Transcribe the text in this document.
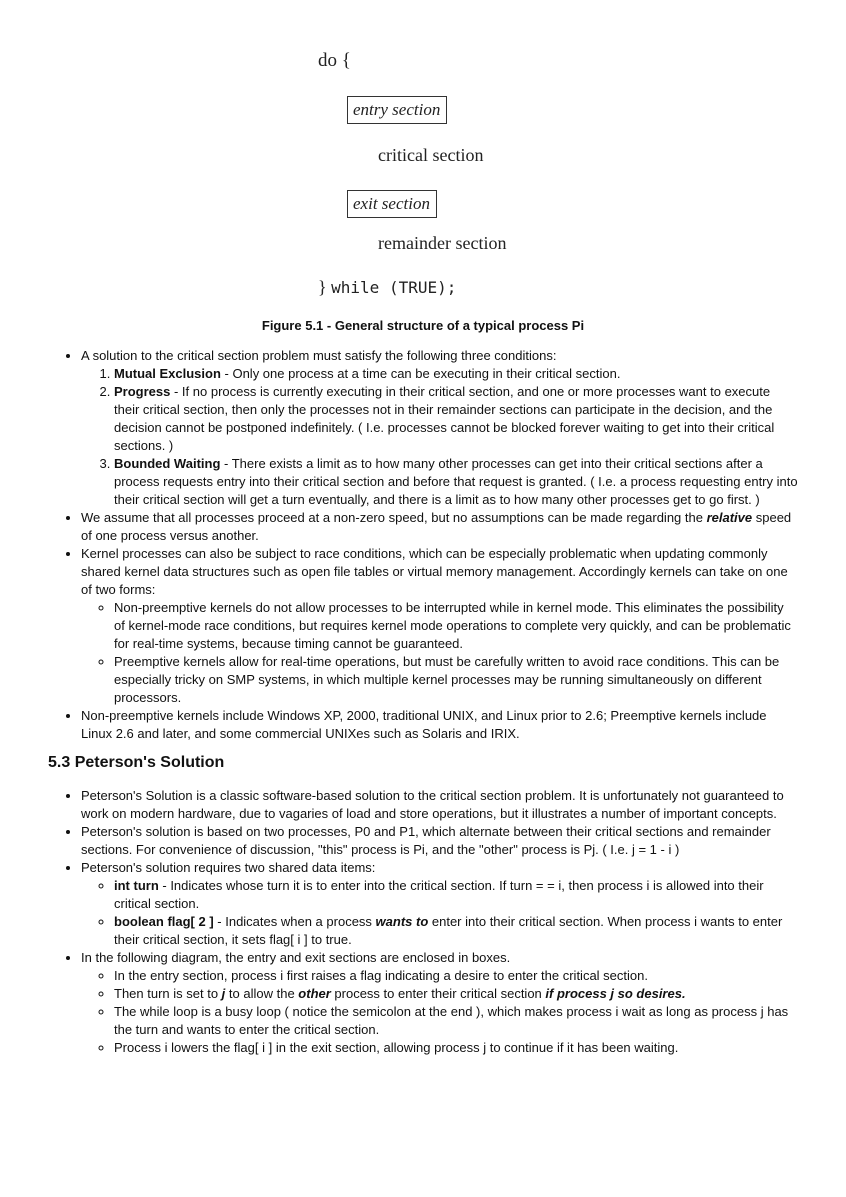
do {
entry section
critical section
exit section
remainder section
} while (TRUE);
Figure 5.1 - General structure of a typical process Pi
• A solution to the critical section problem must satisfy the following three conditions:
1. Mutual Exclusion - Only one process at a time can be executing in their critical section.
2. Progress - If no process is currently executing in their critical section, and one or more processes want to execute their critical section, then only the processes not in their remainder sections can participate in the decision, and the decision cannot be postponed indefinitely. ( I.e. processes cannot be blocked forever waiting to get into their critical sections. )
3. Bounded Waiting - There exists a limit as to how many other processes can get into their critical sections after a process requests entry into their critical section and before that request is granted. ( I.e. a process requesting entry into their critical section will get a turn eventually, and there is a limit as to how many other processes get to go first. )
• We assume that all processes proceed at a non-zero speed, but no assumptions can be made regarding the relative speed of one process versus another.
• Kernel processes can also be subject to race conditions, which can be especially problematic when updating commonly shared kernel data structures such as open file tables or virtual memory management. Accordingly kernels can take on one of two forms:
◦ Non-preemptive kernels do not allow processes to be interrupted while in kernel mode. This eliminates the possibility of kernel-mode race conditions, but requires kernel mode operations to complete very quickly, and can be problematic for real-time systems, because timing cannot be guaranteed.
◦ Preemptive kernels allow for real-time operations, but must be carefully written to avoid race conditions. This can be especially tricky on SMP systems, in which multiple kernel processes may be running simultaneously on different processors.
• Non-preemptive kernels include Windows XP, 2000, traditional UNIX, and Linux prior to 2.6; Preemptive kernels include Linux 2.6 and later, and some commercial UNIXes such as Solaris and IRIX.
5.3 Peterson's Solution
• Peterson's Solution is a classic software-based solution to the critical section problem. It is unfortunately not guaranteed to work on modern hardware, due to vagaries of load and store operations, but it illustrates a number of important concepts.
• Peterson's solution is based on two processes, P0 and P1, which alternate between their critical sections and remainder sections. For convenience of discussion, "this" process is Pi, and the "other" process is Pj. ( I.e. j = 1 - i )
• Peterson's solution requires two shared data items:
◦ int turn - Indicates whose turn it is to enter into the critical section. If turn = = i, then process i is allowed into their critical section.
◦ boolean flag[ 2 ] - Indicates when a process wants to enter into their critical section. When process i wants to enter their critical section, it sets flag[ i ] to true.
• In the following diagram, the entry and exit sections are enclosed in boxes.
◦ In the entry section, process i first raises a flag indicating a desire to enter the critical section.
◦ Then turn is set to j to allow the other process to enter their critical section if process j so desires.
◦ The while loop is a busy loop ( notice the semicolon at the end ), which makes process i wait as long as process j has the turn and wants to enter the critical section.
◦ Process i lowers the flag[ i ] in the exit section, allowing process j to continue if it has been waiting.
